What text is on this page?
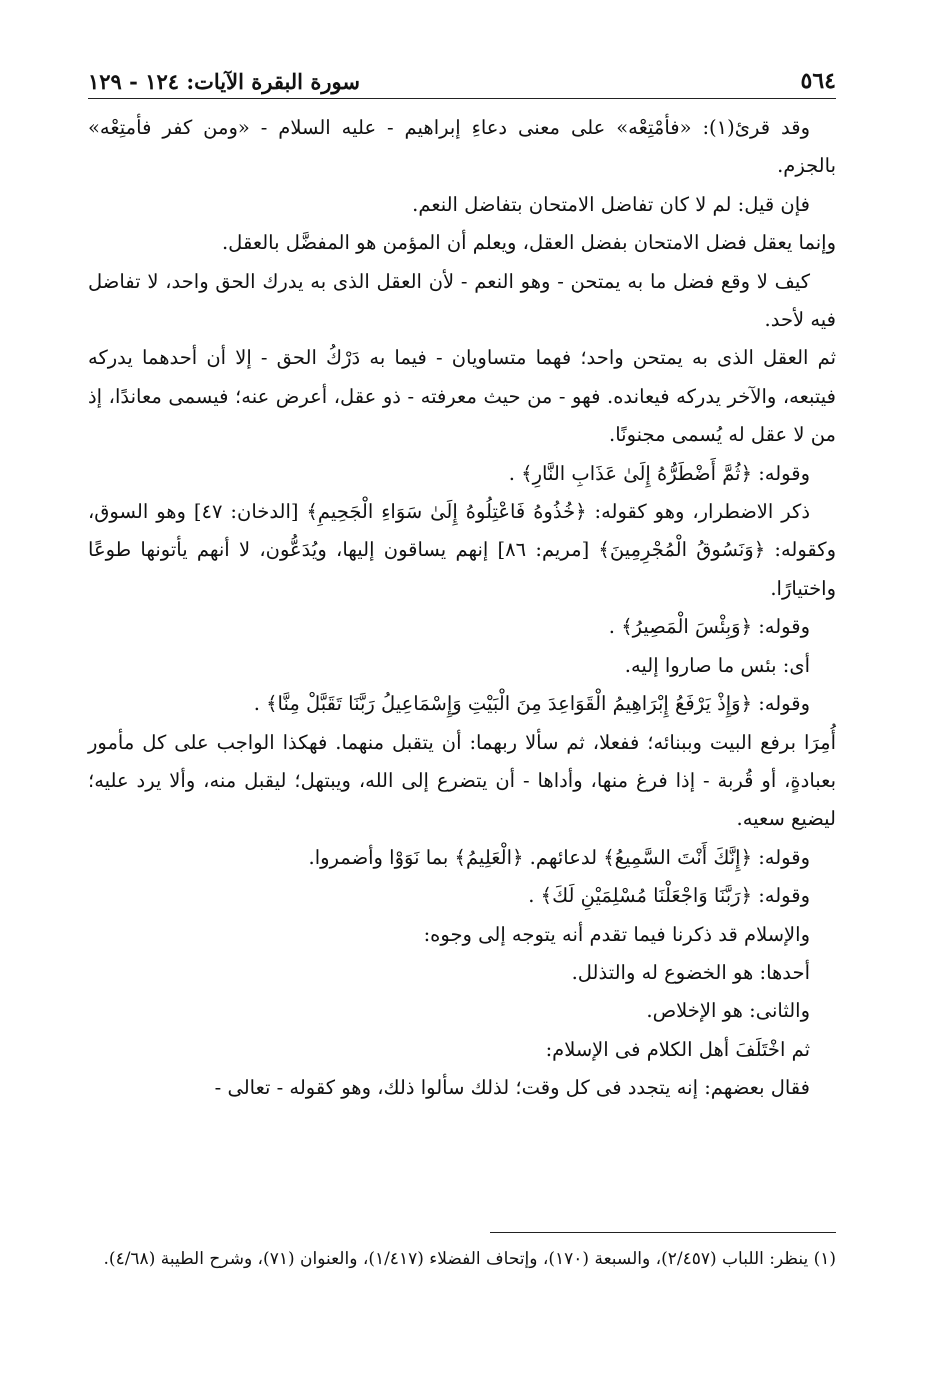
٥٦٤
سورة البقرة الآيات: ١٢٤ - ١٢٩

وقد قرئ(١): «فأمْتِعْه» على معنى دعاءِ إبراهيم - عليه السلام - «ومن كفر فأمتِعْه» بالجزم.

فإن قيل: لم لا كان تفاضل الامتحان بتفاضل النعم.

وإنما يعقل فضل الامتحان بفضل العقل، ويعلم أن المؤمن هو المفضَّل بالعقل.

كيف لا وقع فضل ما به يمتحن - وهو النعم - لأن العقل الذى به يدرك الحق واحد، لا تفاضل فيه لأحد.

ثم العقل الذى به يمتحن واحد؛ فهما متساويان - فيما به دَرْكُ الحق - إلا أن أحدهما يدركه فيتبعه، والآخر يدركه فيعانده. فهو - من حيث معرفته - ذو عقل، أعرض عنه؛ فيسمى معاندًا، إذ من لا عقل له يُسمى مجنونًا.

وقوله: ﴿ثُمَّ أَضْطَرُّهُ إِلَىٰ عَذَابِ النَّارِ﴾ .

ذكر الاضطرار، وهو كقوله: ﴿خُذُوهُ فَاعْتِلُوهُ إِلَىٰ سَوَاءِ الْجَحِيمِ﴾ [الدخان: ٤٧] وهو السوق، وكقوله: ﴿وَنَسُوقُ الْمُجْرِمِينَ﴾ [مريم: ٨٦] إنهم يساقون إليها، ويُدَعُّون، لا أنهم يأتونها طوعًا واختيارًا.

وقوله: ﴿وَبِئْسَ الْمَصِيرُ﴾ .

أى: بئس ما صاروا إليه.

وقوله: ﴿وَإِذْ يَرْفَعُ إِبْرَاهِيمُ الْقَوَاعِدَ مِنَ الْبَيْتِ وَإِسْمَاعِيلُ رَبَّنَا تَقَبَّلْ مِنَّا﴾ .

أُمِرَا برفع البيت وببنائه؛ ففعلا، ثم سألا ربهما: أن يتقبل منهما. فهكذا الواجب على كل مأمور بعبادةٍ، أو قُربة - إذا فرغ منها، وأداها - أن يتضرع إلى الله، ويبتهل؛ ليقبل منه، وألا يرد عليه؛ ليضيع سعيه.

وقوله: ﴿إِنَّكَ أَنْتَ السَّمِيعُ﴾ لدعائهم. ﴿الْعَلِيمُ﴾ بما نَوَوْا وأضمروا.

وقوله: ﴿رَبَّنَا وَاجْعَلْنَا مُسْلِمَيْنِ لَكَ﴾ .

والإسلام قد ذكرنا فيما تقدم أنه يتوجه إلى وجوه:

أحدها: هو الخضوع له والتذلل.

والثانى: هو الإخلاص.

ثم اخْتَلَفَ أهل الكلام فى الإسلام:

فقال بعضهم: إنه يتجدد فى كل وقت؛ لذلك سألوا ذلك، وهو كقوله - تعالى -

(١) ينظر: اللباب (٢/٤٥٧)، والسبعة (١٧٠)، وإتحاف الفضلاء (١/٤١٧)، والعنوان (٧١)، وشرح الطيبة (٤/٦٨).
